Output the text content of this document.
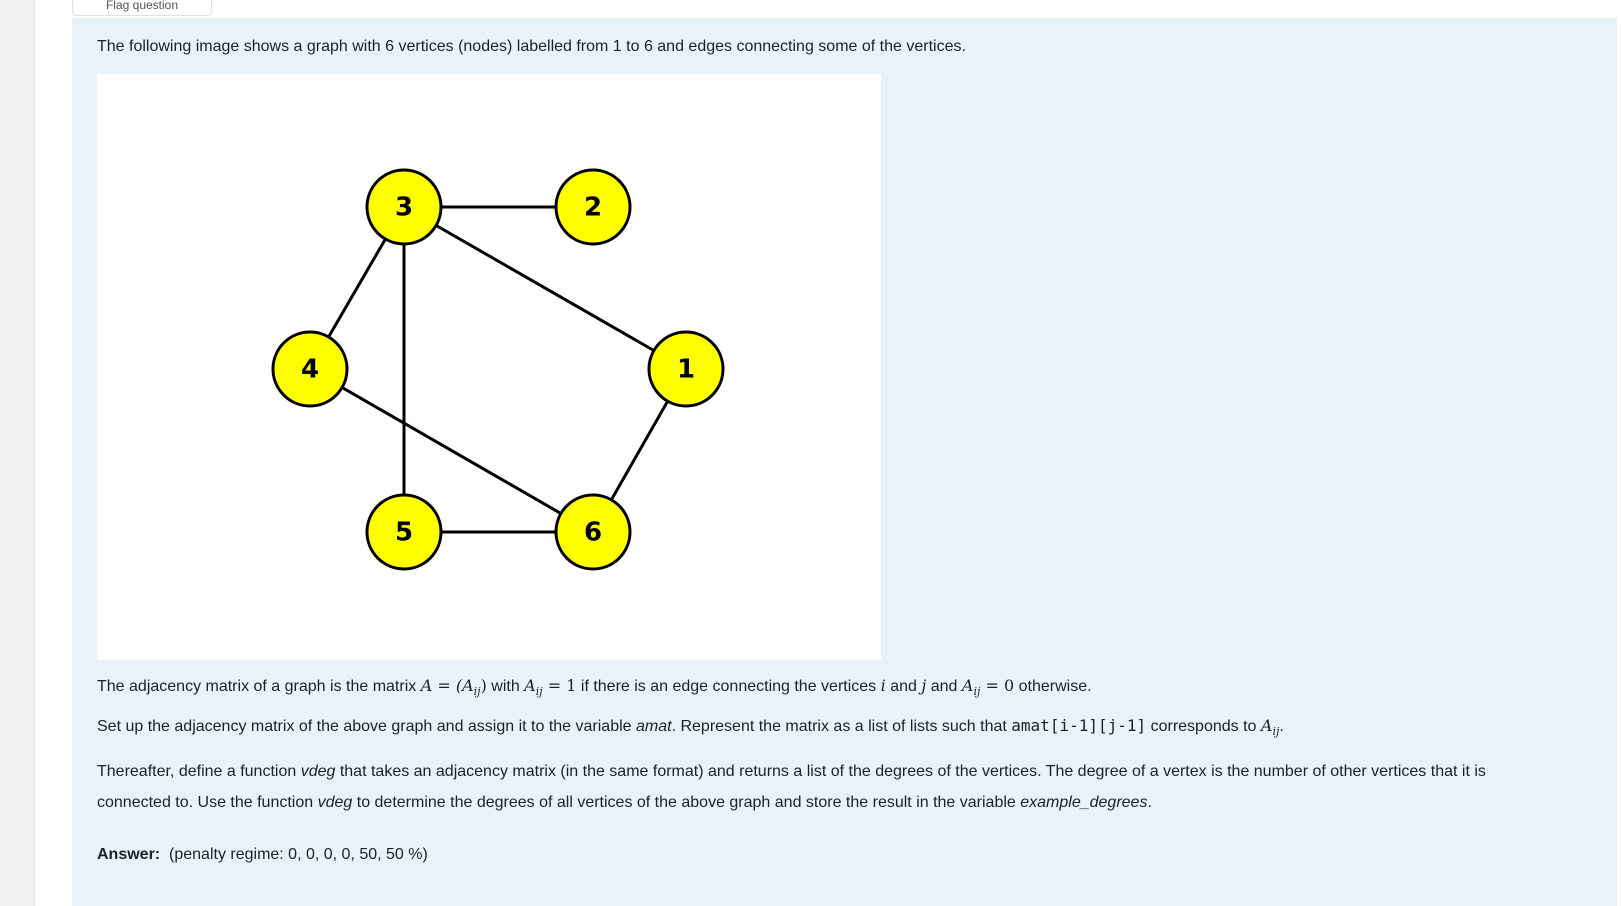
Flag question
The following image shows a graph with 6 vertices (nodes) labelled from 1 to 6 and edges connecting some of the vertices.
1
2
3
4
5	6
The adjacency matrix of a graph is the matrix $A = (A_{ij})$ with $A_{ij} = 1$ if there is an edge connecting the vertices i and j and $A_{ij} = 0$ otherwise.
Set up the adjacency matrix of the above graph and assign it to the variable amat. Represent the matrix as a list of lists such that amat[i-1][j-1] corresponds to $A_{ij}$.
Thereafter, define a function vdeg that takes an adjacency matrix (in the same format) and returns a list of the degrees of the vertices. The degree of a vertex is the number of other vertices that it is connected to. Use the function vdeg to determine the degrees of all vertices of the above graph and store the result in the variable example_degrees.
Answer: (penalty regime: 0, 0, 0, 0, 50, 50 %)
